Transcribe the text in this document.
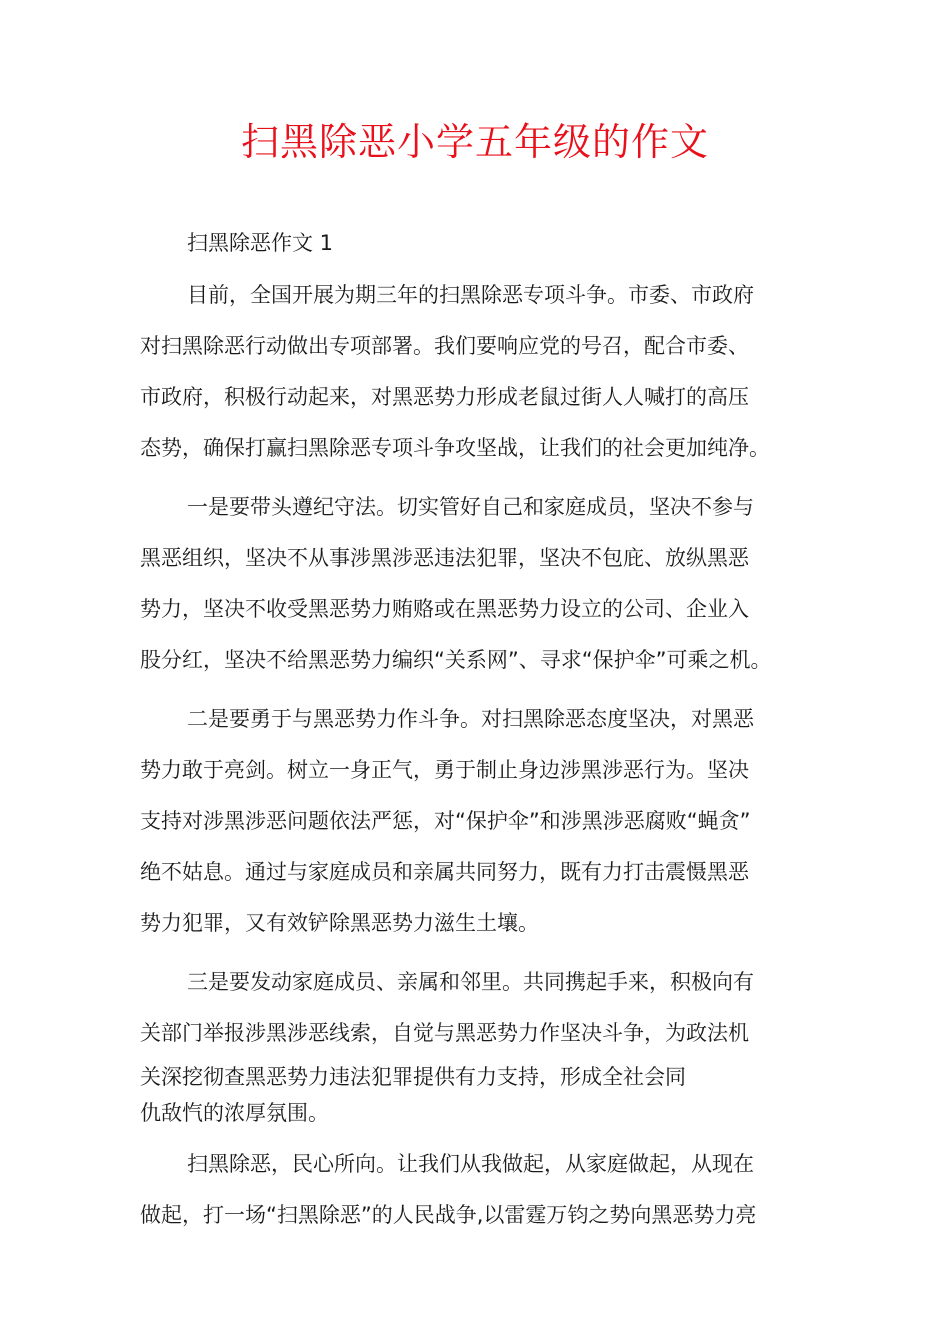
扫黑除恶小学五年级的作文
扫黑除恶作文 1
目前，全国开展为期三年的扫黑除恶专项斗争。市委、市政府
对扫黑除恶行动做出专项部署。我们要响应党的号召，配合市委、
市政府，积极行动起来，对黑恶势力形成老鼠过街人人喊打的高压
态势，确保打赢扫黑除恶专项斗争攻坚战，让我们的社会更加纯净。
一是要带头遵纪守法。切实管好自己和家庭成员，坚决不参与
黑恶组织，坚决不从事涉黑涉恶违法犯罪，坚决不包庇、放纵黑恶
势力，坚决不收受黑恶势力贿赂或在黑恶势力设立的公司、企业入
股分红，坚决不给黑恶势力编织“关系网”、寻求“保护伞”可乘之机。
二是要勇于与黑恶势力作斗争。对扫黑除恶态度坚决，对黑恶
势力敢于亮剑。树立一身正气，勇于制止身边涉黑涉恶行为。坚决
支持对涉黑涉恶问题依法严惩，对“保护伞”和涉黑涉恶腐败“蝇贪”
绝不姑息。通过与家庭成员和亲属共同努力，既有力打击震慑黑恶
势力犯罪，又有效铲除黑恶势力滋生土壤。
三是要发动家庭成员、亲属和邻里。共同携起手来，积极向有
关部门举报涉黑涉恶线索，自觉与黑恶势力作坚决斗争，为政法机
关深挖彻查黑恶势力违法犯罪提供有力支持，形成全社会同
仇敌忾的浓厚氛围。
扫黑除恶，民心所向。让我们从我做起，从家庭做起，从现在
做起，打一场“扫黑除恶”的人民战争,以雷霆万钧之势向黑恶势力亮
